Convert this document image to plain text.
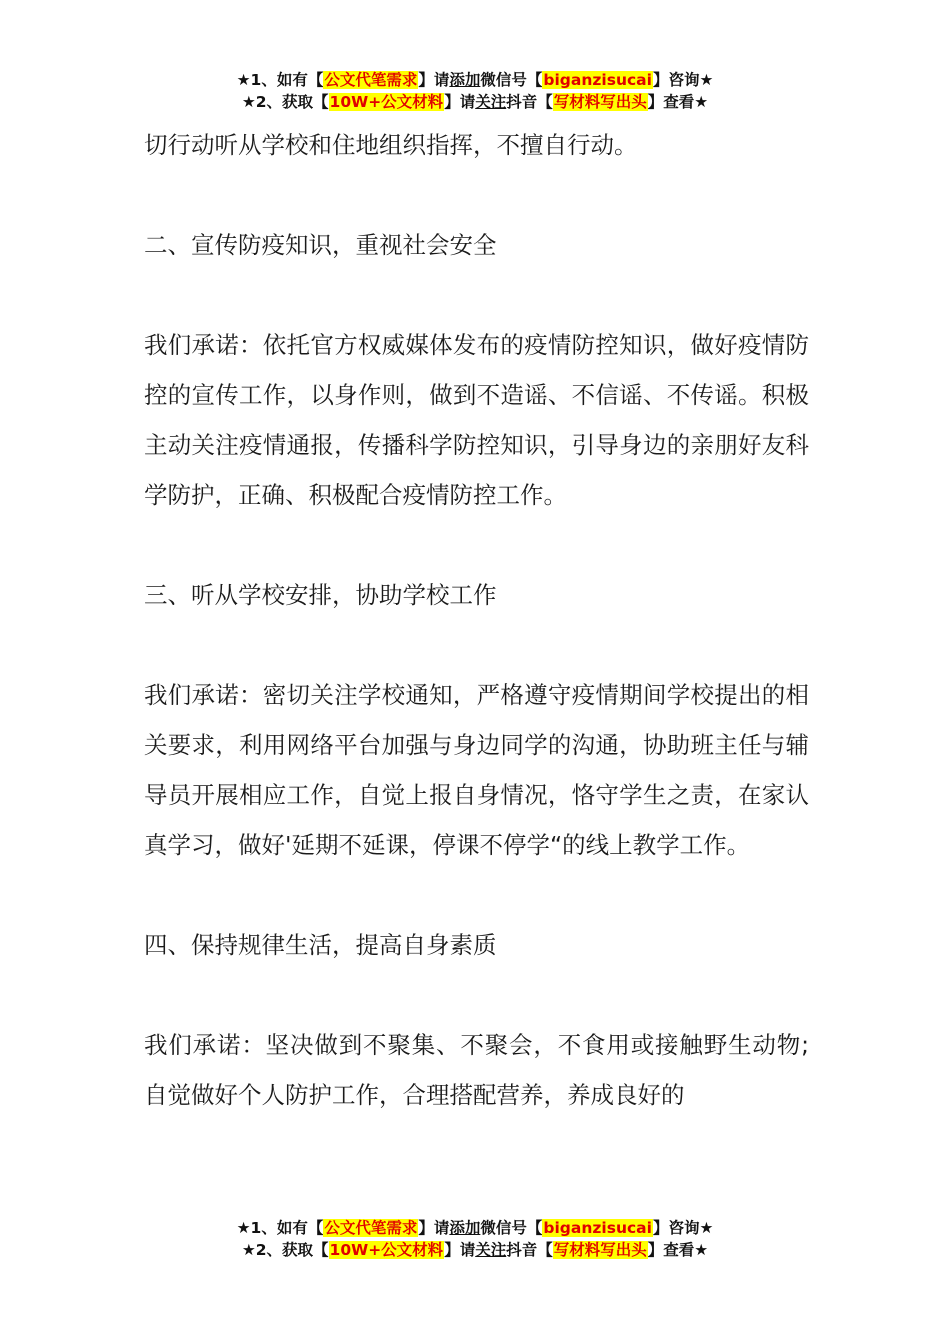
★1、如有【公文代笔需求】请添加微信号【biganzisucai】咨询★
★2、获取【10W+公文材料】请关注抖音【写材料写出头】查看★

切行动听从学校和住地组织指挥，不擅自行动。

二、宣传防疫知识，重视社会安全

我们承诺：依托官方权威媒体发布的疫情防控知识，做好疫情防控的宣传工作，以身作则，做到不造谣、不信谣、不传谣。积极主动关注疫情通报，传播科学防控知识，引导身边的亲朋好友科学防护，正确、积极配合疫情防控工作。

三、听从学校安排，协助学校工作

我们承诺：密切关注学校通知，严格遵守疫情期间学校提出的相关要求，利用网络平台加强与身边同学的沟通，协助班主任与辅导员开展相应工作，自觉上报自身情况，恪守学生之责，在家认真学习，做好'延期不延课，停课不停学“的线上教学工作。

四、保持规律生活，提高自身素质

我们承诺：坚决做到不聚集、不聚会，不食用或接触野生动物;自觉做好个人防护工作，合理搭配营养，养成良好的

★1、如有【公文代笔需求】请添加微信号【biganzisucai】咨询★
★2、获取【10W+公文材料】请关注抖音【写材料写出头】查看★
